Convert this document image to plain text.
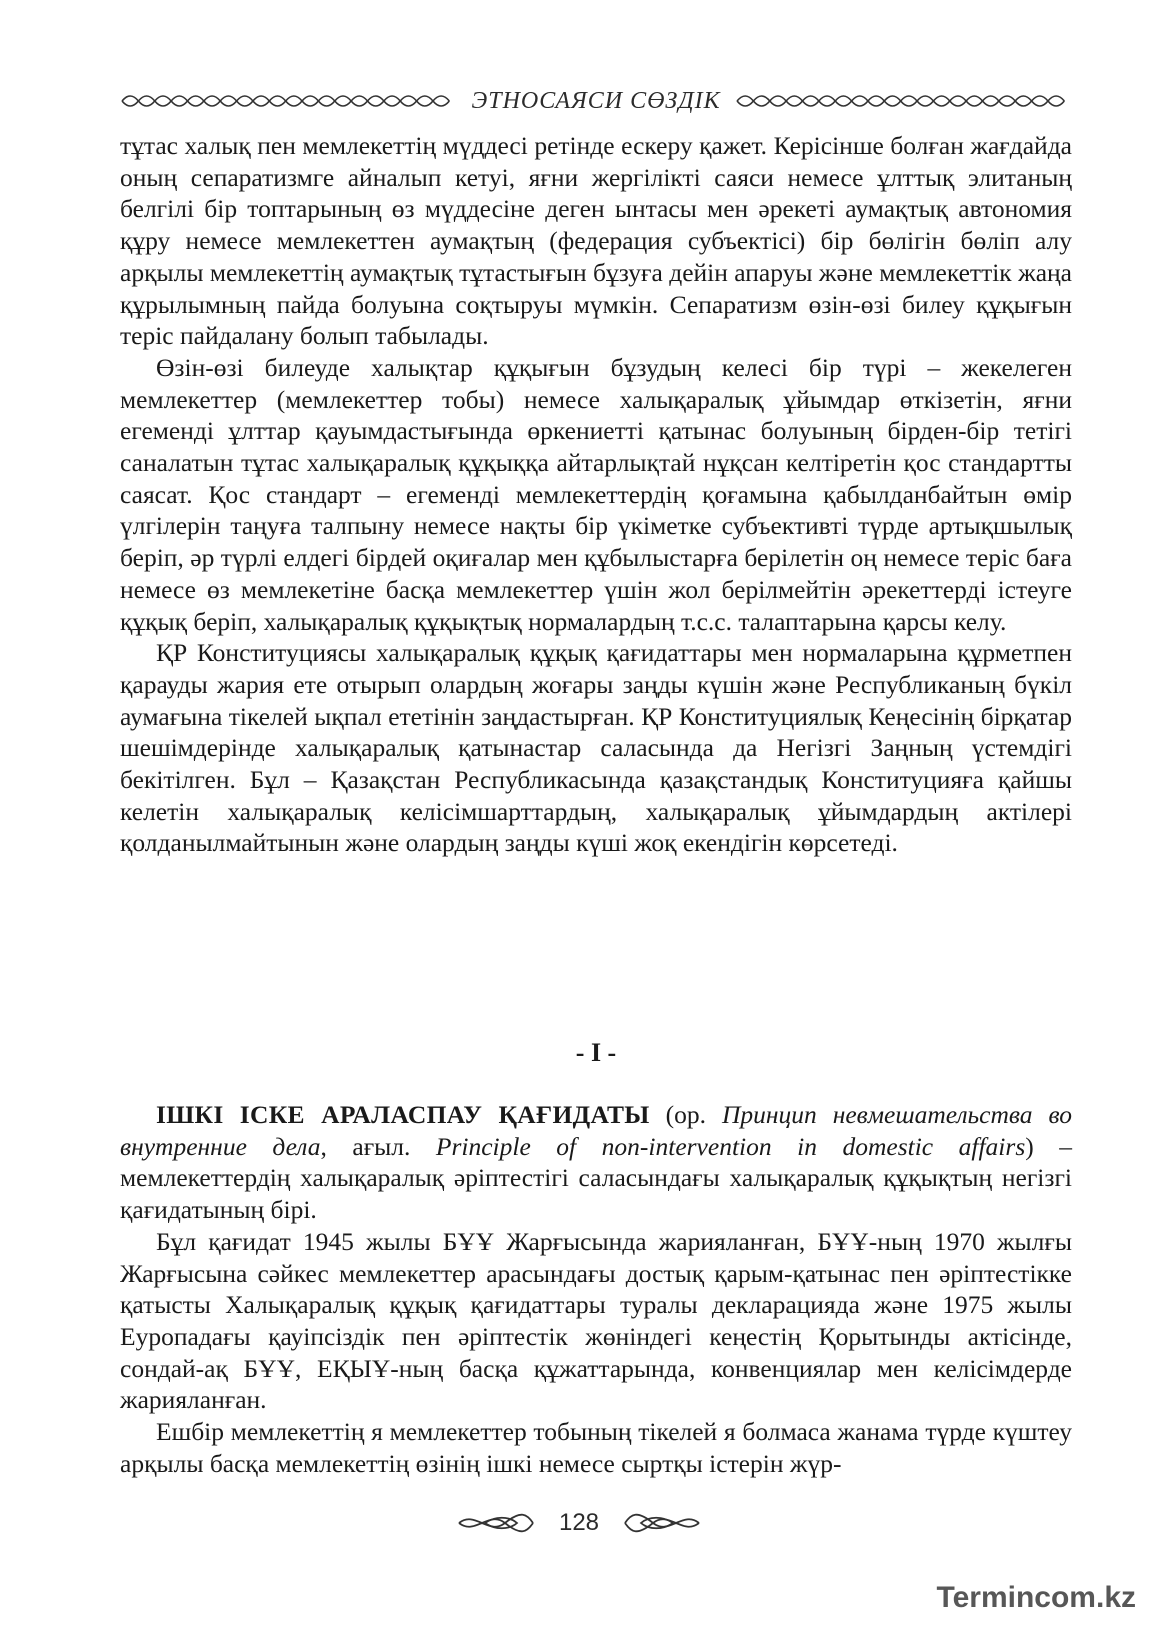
ЭТНОСАЯСИ СӨЗДІК

тұтас халық пен мемлекеттің мүддесі ретінде ескеру қажет. Керісінше болған жағдайда оның сепаратизмге айналып кетуі, яғни жергілікті саяси немесе ұлттық элитаның белгілі бір топтарының өз мүддесіне деген ынтасы мен әрекеті аумақтық автономия құру немесе мемлекеттен аумақтың (федерация субъектісі) бір бөлігін бөліп алу арқылы мемлекеттің аумақтық тұтастығын бұзуға дейін апаруы және мемлекеттік жаңа құрылымның пайда болуына соқтыруы мүмкін. Сепаратизм өзін-өзі билеу құқығын теріс пайдалану болып табылады.

Өзін-өзі билеуде халықтар құқығын бұзудың келесі бір түрі – жекелеген мемлекеттер (мемлекеттер тобы) немесе халықаралық ұйымдар өткізетін, яғни егеменді ұлттар қауымдастығында өркениетті қатынас болуының бірден-бір тетігі саналатын тұтас халықаралық құқыққа айтарлықтай нұқсан келтіретін қос стандартты саясат. Қос стандарт – егеменді мемлекеттердің қоғамына қабылданбайтын өмір үлгілерін таңуға талпыну немесе нақты бір үкіметке субъективті түрде артықшылық беріп, әр түрлі елдегі бірдей оқиғалар мен құбылыстарға берілетін оң немесе теріс баға немесе өз мемлекетіне басқа мемлекеттер үшін жол берілмейтін әрекеттерді істеуге құқық беріп, халықаралық құқықтық нормалардың т.с.с. талаптарына қарсы келу.

ҚР Конституциясы халықаралық құқық қағидаттары мен нормаларына құрметпен қарауды жария ете отырып олардың жоғары заңды күшін және Республиканың бүкіл аумағына тікелей ықпал ететінін заңдастырған. ҚР Конституциялық Кеңесінің бірқатар шешімдерінде халықаралық қатынастар саласында да Негізгі Заңның үстемдігі бекітілген. Бұл – Қазақстан Республикасында қазақстандық Конституцияға қайшы келетін халықаралық келісімшарттардың, халықаралық ұйымдардың актілері қолданылмайтынын және олардың заңды күші жоқ екендігін көрсетеді.

- І -

ІШКІ ІСКЕ АРАЛАСПАУ ҚАҒИДАТЫ (ор. Принцип невмешательства во внутренние дела, ағыл. Principle of non-intervention in domestic affairs) – мемлекеттердің халықаралық әріптестігі саласындағы халықаралық құқықтың негізгі қағидатының бірі.

Бұл қағидат 1945 жылы БҰҰ Жарғысында жарияланған, БҰҰ-ның 1970 жылғы Жарғысына сәйкес мемлекеттер арасындағы достық қарым-қатынас пен әріптестікке қатысты Халықаралық құқық қағидаттары туралы декларацияда және 1975 жылы Еуропадағы қауіпсіздік пен әріптестік жөніндегі кеңестің Қорытынды актісінде, сондай-ақ БҰҰ, ЕҚЫҰ-ның басқа құжаттарында, конвенциялар мен келісімдерде жарияланған.

Ешбір мемлекеттің я мемлекеттер тобының тікелей я болмаса жанама түрде күштеу арқылы басқа мемлекеттің өзінің ішкі немесе сыртқы істерін жүр-

128
Termincom.kz
